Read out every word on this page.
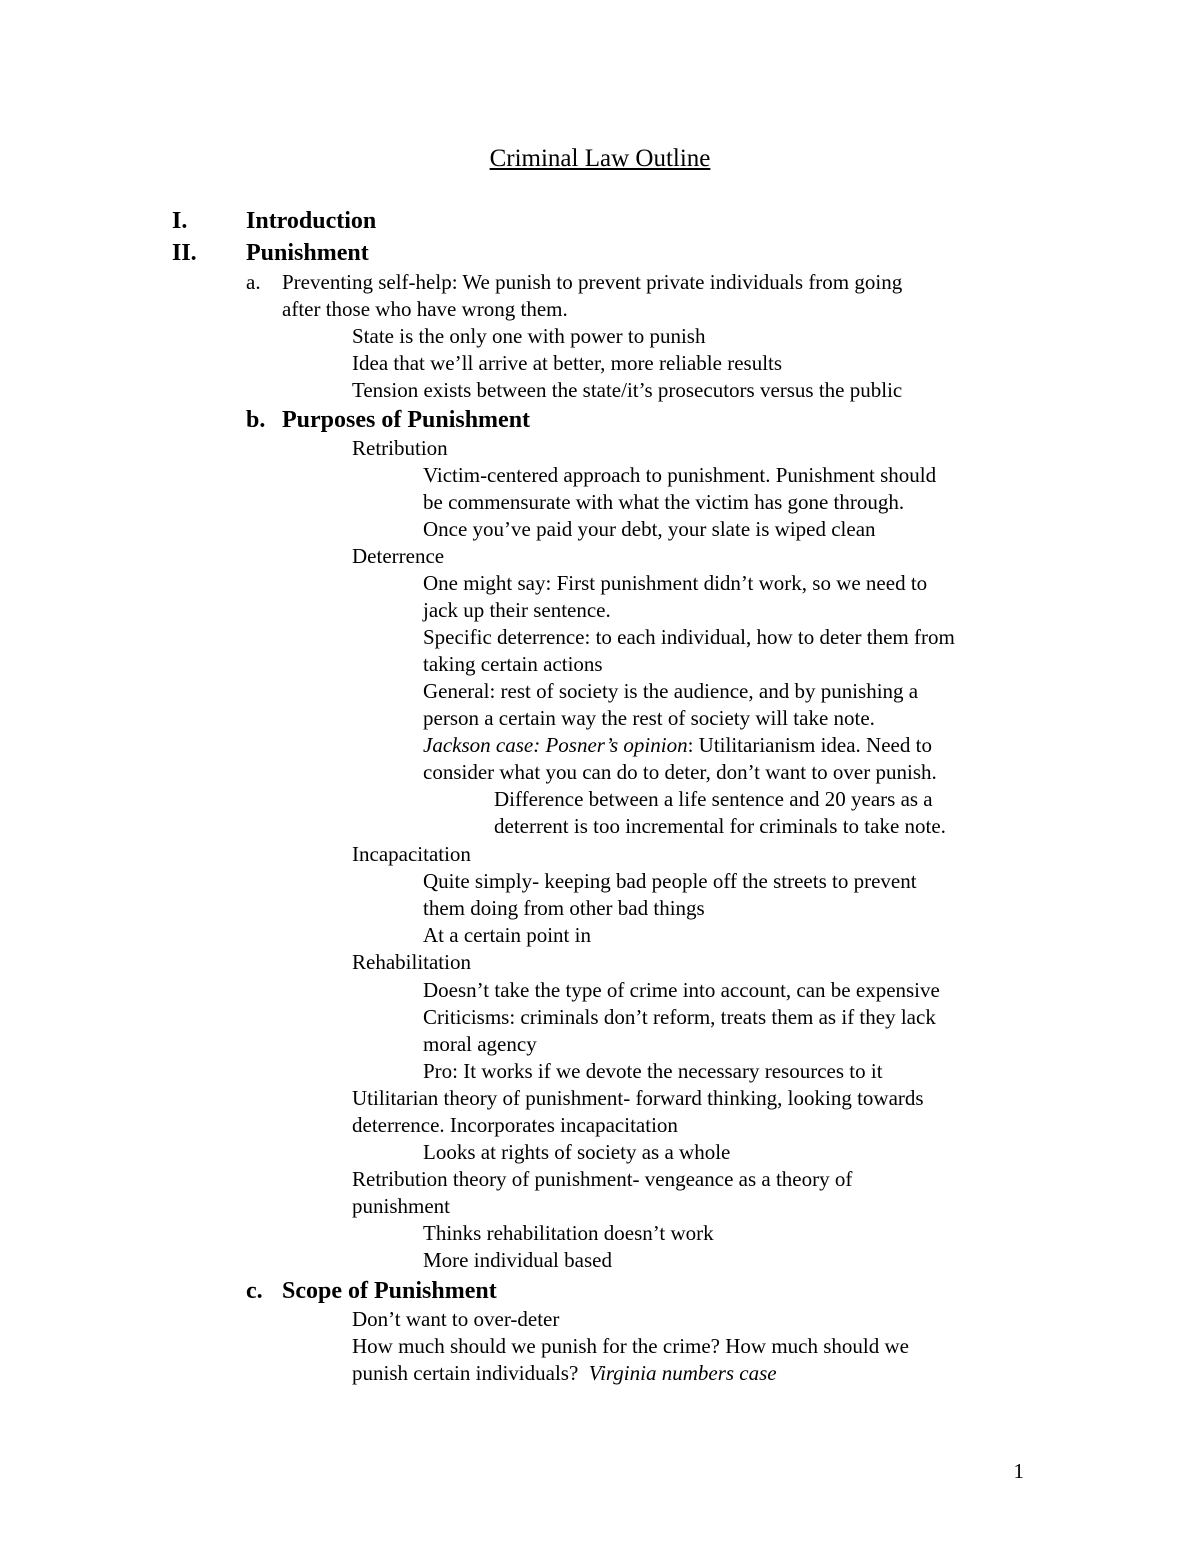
Criminal Law Outline
I. Introduction
II. Punishment
a. Preventing self-help: We punish to prevent private individuals from going
after those who have wrong them.
State is the only one with power to punish
Idea that we’ll arrive at better, more reliable results
Tension exists between the state/it’s prosecutors versus the public
b. Purposes of Punishment
Retribution
Victim-centered approach to punishment. Punishment should
be commensurate with what the victim has gone through.
Once you’ve paid your debt, your slate is wiped clean
Deterrence
One might say: First punishment didn’t work, so we need to
jack up their sentence.
Specific deterrence: to each individual, how to deter them from
taking certain actions
General: rest of society is the audience, and by punishing a
person a certain way the rest of society will take note.
Jackson case: Posner’s opinion: Utilitarianism idea. Need to
consider what you can do to deter, don’t want to over punish.
Difference between a life sentence and 20 years as a
deterrent is too incremental for criminals to take note.
Incapacitation
Quite simply- keeping bad people off the streets to prevent
them doing from other bad things
At a certain point in
Rehabilitation
Doesn’t take the type of crime into account, can be expensive
Criticisms: criminals don’t reform, treats them as if they lack
moral agency
Pro: It works if we devote the necessary resources to it
Utilitarian theory of punishment- forward thinking, looking towards
deterrence. Incorporates incapacitation
Looks at rights of society as a whole
Retribution theory of punishment- vengeance as a theory of
punishment
Thinks rehabilitation doesn’t work
More individual based
c. Scope of Punishment
Don’t want to over-deter
How much should we punish for the crime? How much should we
punish certain individuals?  Virginia numbers case
1
